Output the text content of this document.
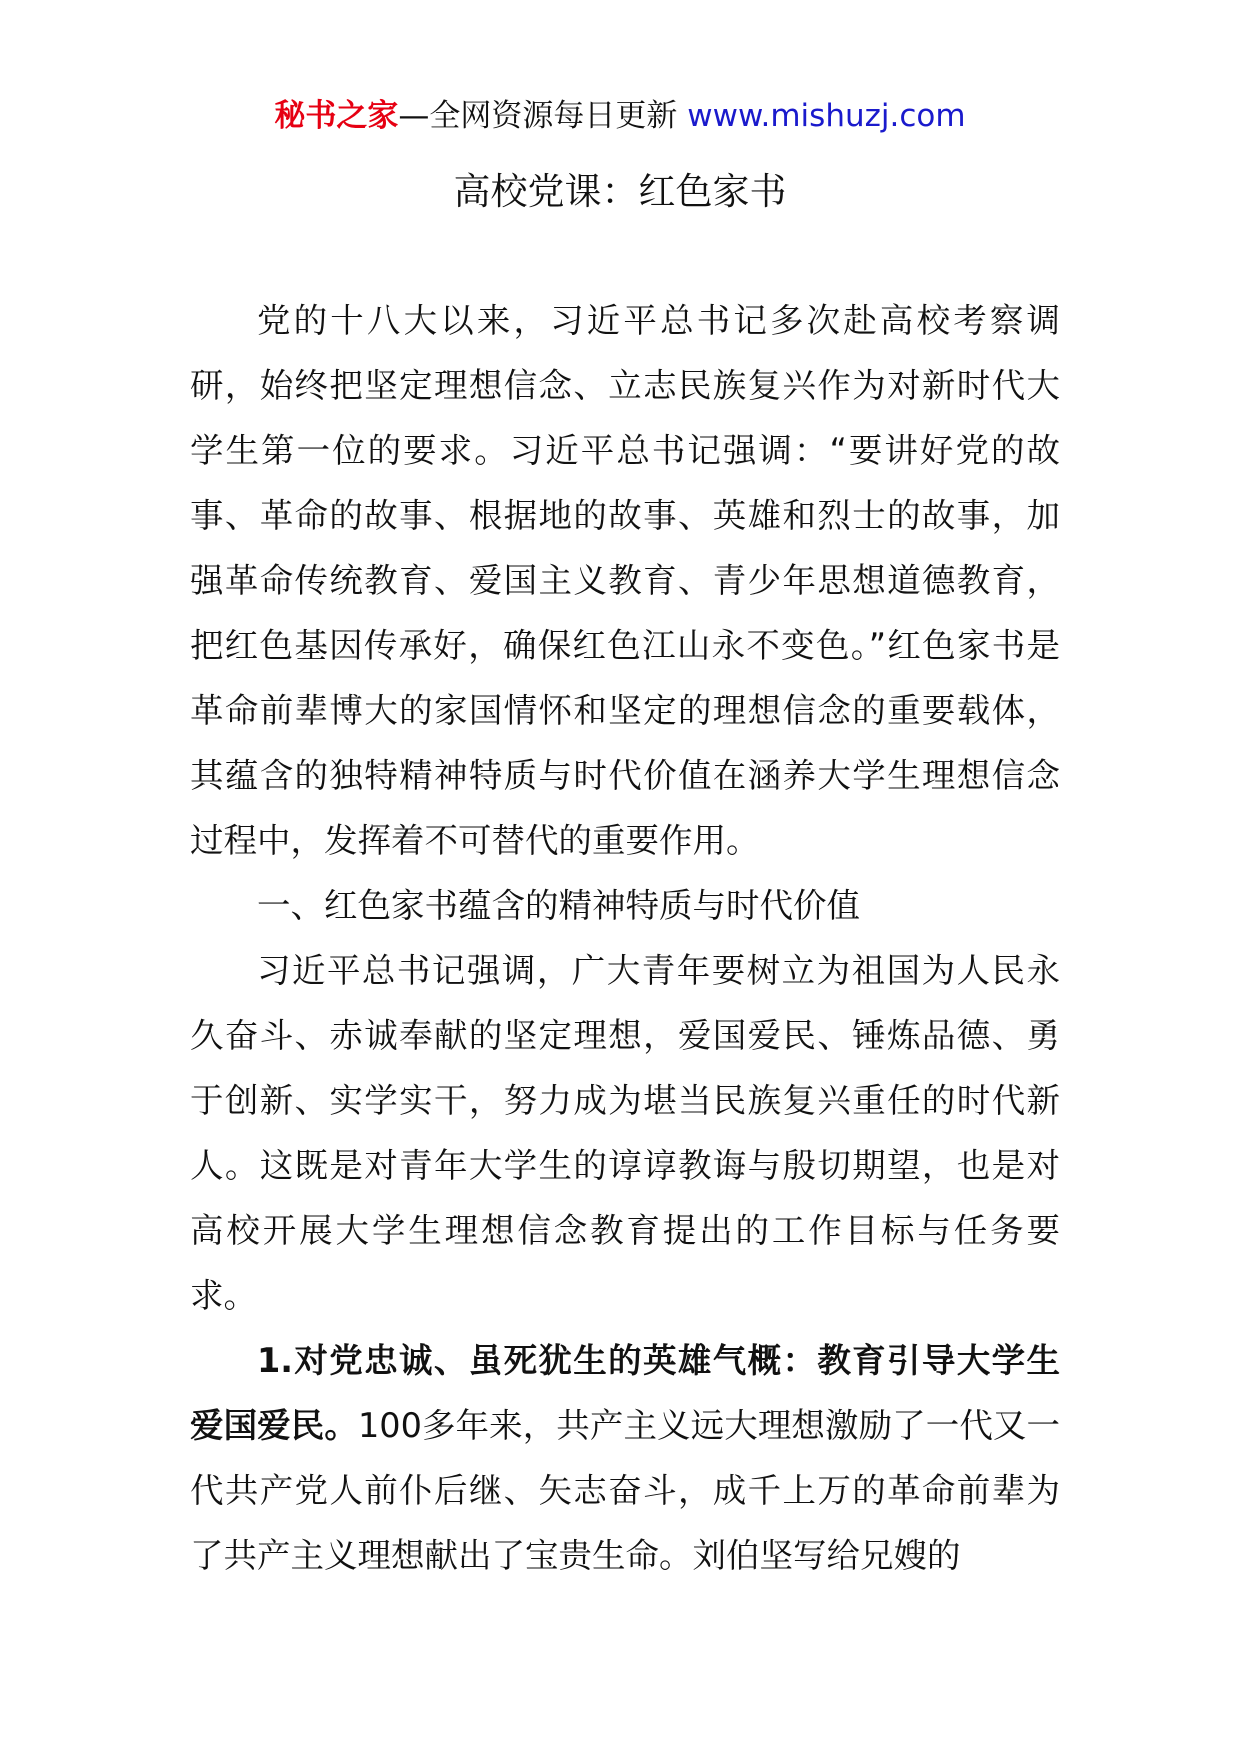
秘书之家—全网资源每日更新 www.mishuzj.com
高校党课：红色家书

党的十八大以来，习近平总书记多次赴高校考察调研，始终把坚定理想信念、立志民族复兴作为对新时代大学生第一位的要求。习近平总书记强调：“要讲好党的故事、革命的故事、根据地的故事、英雄和烈士的故事，加强革命传统教育、爱国主义教育、青少年思想道德教育，把红色基因传承好，确保红色江山永不变色。”红色家书是革命前辈博大的家国情怀和坚定的理想信念的重要载体，其蕴含的独特精神特质与时代价值在涵养大学生理想信念过程中，发挥着不可替代的重要作用。

一、红色家书蕴含的精神特质与时代价值

习近平总书记强调，广大青年要树立为祖国为人民永久奋斗、赤诚奉献的坚定理想，爱国爱民、锤炼品德、勇于创新、实学实干，努力成为堪当民族复兴重任的时代新人。这既是对青年大学生的谆谆教诲与殷切期望，也是对高校开展大学生理想信念教育提出的工作目标与任务要求。

1.对党忠诚、虽死犹生的英雄气概：教育引导大学生爱国爱民。100多年来，共产主义远大理想激励了一代又一代共产党人前仆后继、矢志奋斗，成千上万的革命前辈为了共产主义理想献出了宝贵生命。刘伯坚写给兄嫂的
